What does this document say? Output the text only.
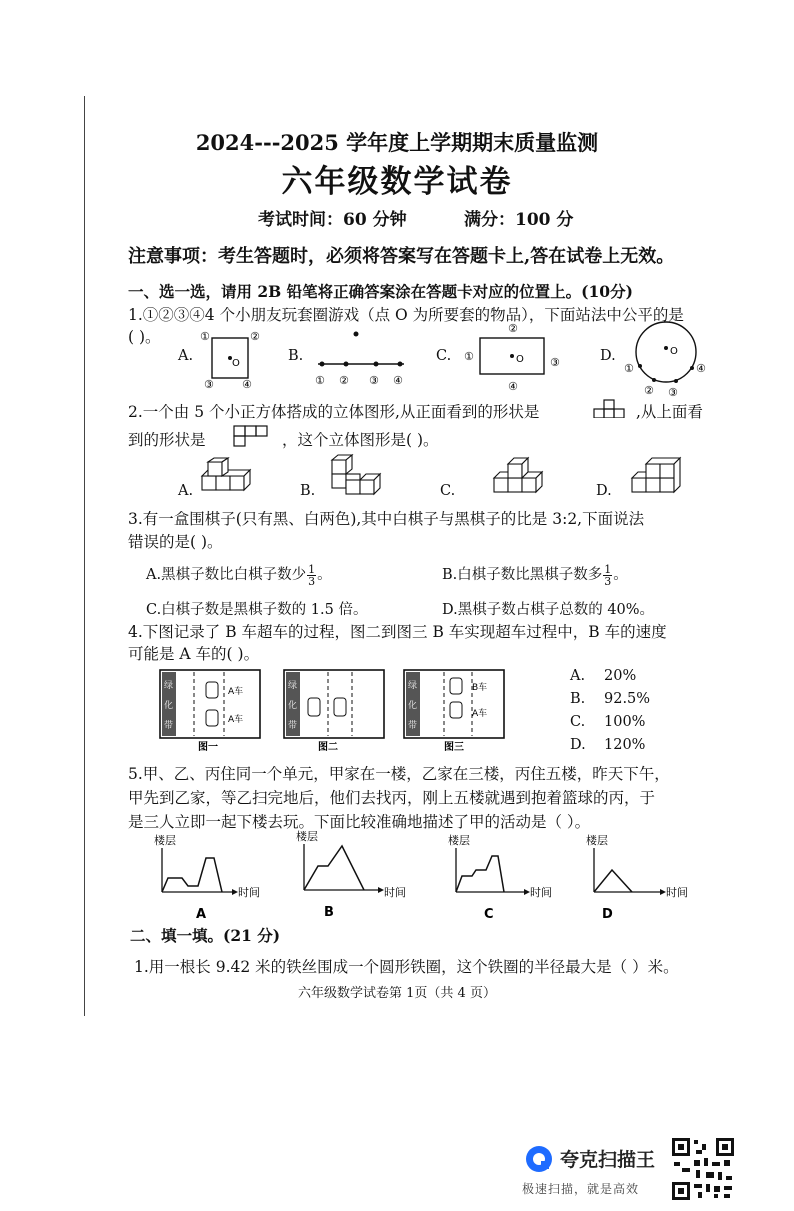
2024---2025 学年度上学期期末质量监测
六年级数学试卷
考试时间：60 分钟	满分：100 分
注意事项：考生答题时，必须将答案写在答题卡上,答在试卷上无效。
一、选一选，请用 2B 铅笔将正确答案涂在答题卡对应的位置上。(10分)
1.①②③④4 个小朋友玩套圈游戏（点 O 为所要套的物品），下面站法中公平的是
( )。
A.	B.	C.	D.
O
①	②
③	④	① ② ③ ④
②
O
①	③
④
O
①
② ③
④
2.一个由 5 个小正方体搭成的立体图形,从正面看到的形状是	,从上面看
到的形状是	，这个立体图形是( )。
A.	B.	C.	D.
3.有一盒围棋子(只有黑、白两色),其中白棋子与黑棋子的比是 3:2,下面说法
错误的是( )。
A.黑棋子数比白棋子数少 $\frac{1}{3}$ 。	B.白棋子数比黑棋子数多 $\frac{1}{3}$ 。
C.白棋子数是黑棋子数的 1.5 倍。	D.黑棋子数占棋子总数的 40%。
4.下图记录了 B 车超车的过程，图二到图三 B 车实现超车过程中，B 车的速度
可能是 A 车的( )。
绿
化
带
A车
A车
图一
绿
化
带
图二
绿
化
带
B车
A车
图三
A. 20%
B. 92.5%
C. 100%
D. 120%
5.甲、乙、丙住同一个单元，甲家在一楼，乙家在三楼，丙住五楼，昨天下午，
甲先到乙家，等乙扫完地后，他们去找丙，刚上五楼就遇到抱着篮球的丙，于
是三人立即一起下楼去玩。下面比较准确地描述了甲的活动是（ ）。
楼层
时间
A
楼层
时间
B
楼层
时间
C
楼层
时间
D
二、填一填。(21 分)
1.用一根长 9.42 米的铁丝围成一个圆形铁圈，这个铁圈的半径最大是（ ）米。
六年级数学试卷第 1页（共 4 页）
夸克扫描王
极速扫描，就是高效
